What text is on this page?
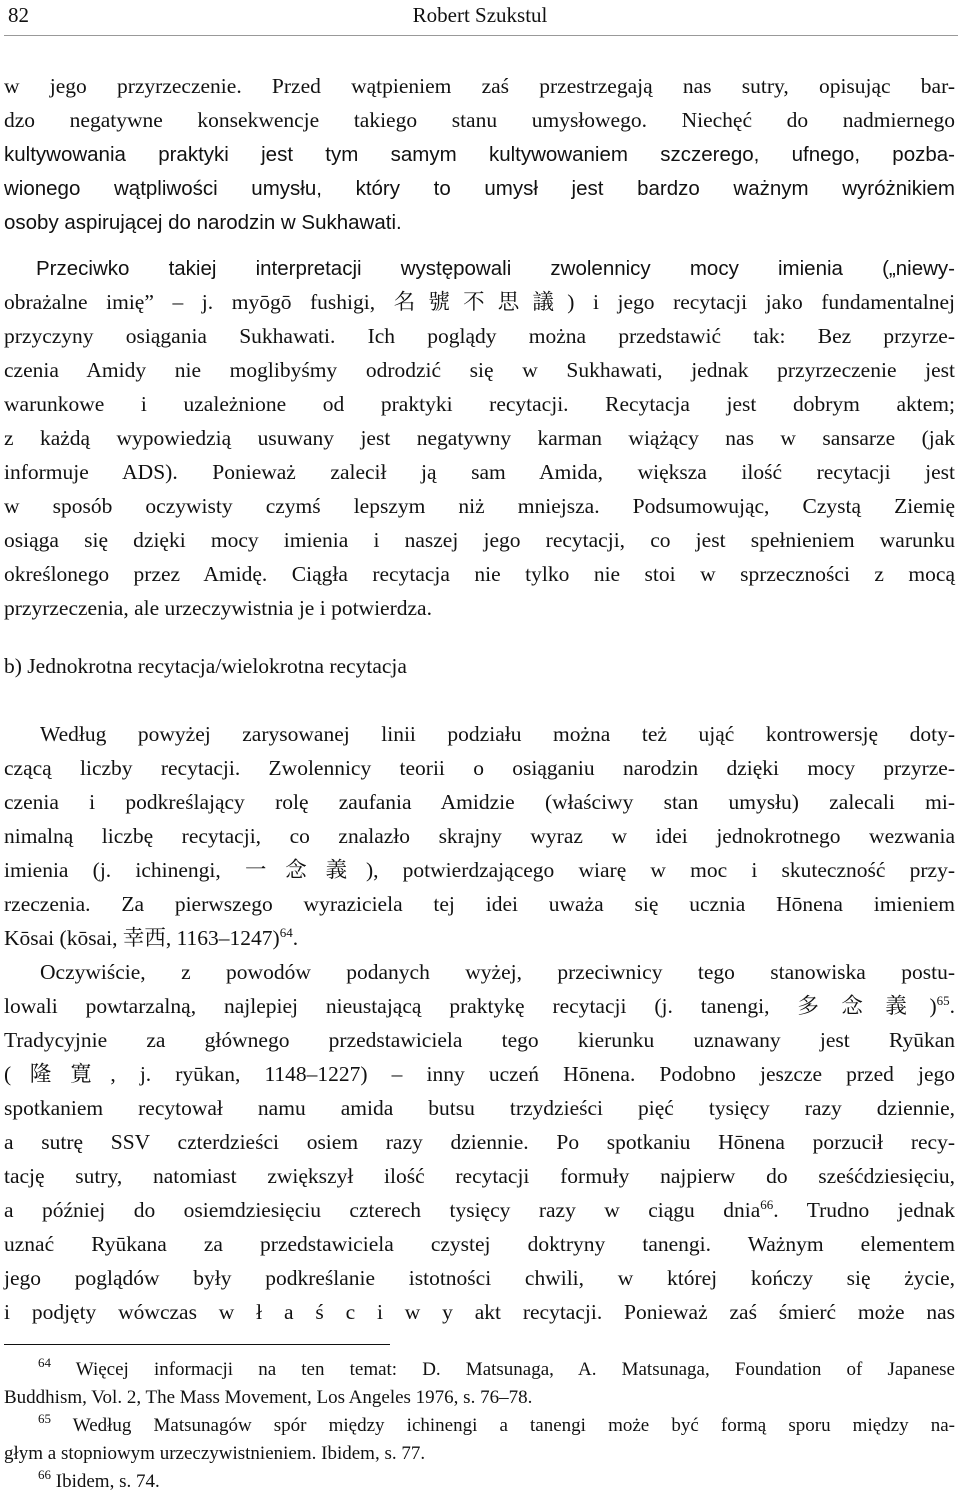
82	Robert Szukstul
w jego przyrzeczenie. Przed wątpieniem zaś przestrzegają nas sutry, opisując bar-
dzo negatywne konsekwencje takiego stanu umysłowego. Niechęć do nadmiernego
kultywowania praktyki jest tym samym kultywowaniem szczerego, ufnego, pozba-
wionego wątpliwości umysłu, który to umysł jest bardzo ważnym wyróżnikiem
osoby aspirującej do narodzin w Sukhawati.
Przeciwko takiej interpretacji występowali zwolennicy mocy imienia („niewy-
obrażalne imię” – j. myōgō fushigi, 名號不思議) i jego recytacji jako fundamentalnej
przyczyny osiągania Sukhawati. Ich poglądy można przedstawić tak: Bez przyrze-
czenia Amidy nie moglibyśmy odrodzić się w Sukhawati, jednak przyrzeczenie jest
warunkowe i uzależnione od praktyki recytacji. Recytacja jest dobrym aktem;
z każdą wypowiedzią usuwany jest negatywny karman wiążący nas w sansarze (jak
informuje ADS). Ponieważ zalecił ją sam Amida, większa ilość recytacji jest
w sposób oczywisty czymś lepszym niż mniejsza. Podsumowując, Czystą Ziemię
osiąga się dzięki mocy imienia i naszej jego recytacji, co jest spełnieniem warunku
określonego przez Amidę. Ciągła recytacja nie tylko nie stoi w sprzeczności z mocą
przyrzeczenia, ale urzeczywistnia je i potwierdza.
b) Jednokrotna recytacja/wielokrotna recytacja
Według powyżej zarysowanej linii podziału można też ująć kontrowersję doty-
czącą liczby recytacji. Zwolennicy teorii o osiąganiu narodzin dzięki mocy przyrze-
czenia i podkreślający rolę zaufania Amidzie (właściwy stan umysłu) zalecali mi-
nimalną liczbę recytacji, co znalazło skrajny wyraz w idei jednokrotnego wezwania
imienia (j. ichinengi, 一念義), potwierdzającego wiarę w moc i skuteczność przy-
rzeczenia. Za pierwszego wyraziciela tej idei uważa się ucznia Hōnena imieniem
Kōsai (kōsai, 幸西, 1163–1247)$^{64}$.
Oczywiście, z powodów podanych wyżej, przeciwnicy tego stanowiska postu-
lowali powtarzalną, najlepiej nieustającą praktykę recytacji (j. tanengi, 多念義)$^{65}$.
Tradycyjnie za głównego przedstawiciela tego kierunku uznawany jest Ryūkan
(隆寛, j. ryūkan, 1148–1227) – inny uczeń Hōnena. Podobno jeszcze przed jego
spotkaniem recytował namu amida butsu trzydzieści pięć tysięcy razy dziennie,
a sutrę SSV czterdzieści osiem razy dziennie. Po spotkaniu Hōnena porzucił recy-
tację sutry, natomiast zwiększył ilość recytacji formuły najpierw do sześćdziesięciu,
a później do osiemdziesięciu czterech tysięcy razy w ciągu dnia$^{66}$. Trudno jednak
uznać Ryūkana za przedstawiciela czystej doktryny tanengi. Ważnym elementem
jego poglądów były podkreślanie istotności chwili, w której kończy się życie,
i podjęty wówczas w ł a ś c i w y akt recytacji. Ponieważ zaś śmierć może nas
$^{64}$ Więcej informacji na ten temat: D. Matsunaga, A. Matsunaga, Foundation of Japanese
Buddhism, Vol. 2, The Mass Movement, Los Angeles 1976, s. 76–78.
$^{65}$ Według Matsunagów spór między ichinengi a tanengi może być formą sporu między na-
głym a stopniowym urzeczywistnieniem. Ibidem, s. 77.
$^{66}$ Ibidem, s. 74.
